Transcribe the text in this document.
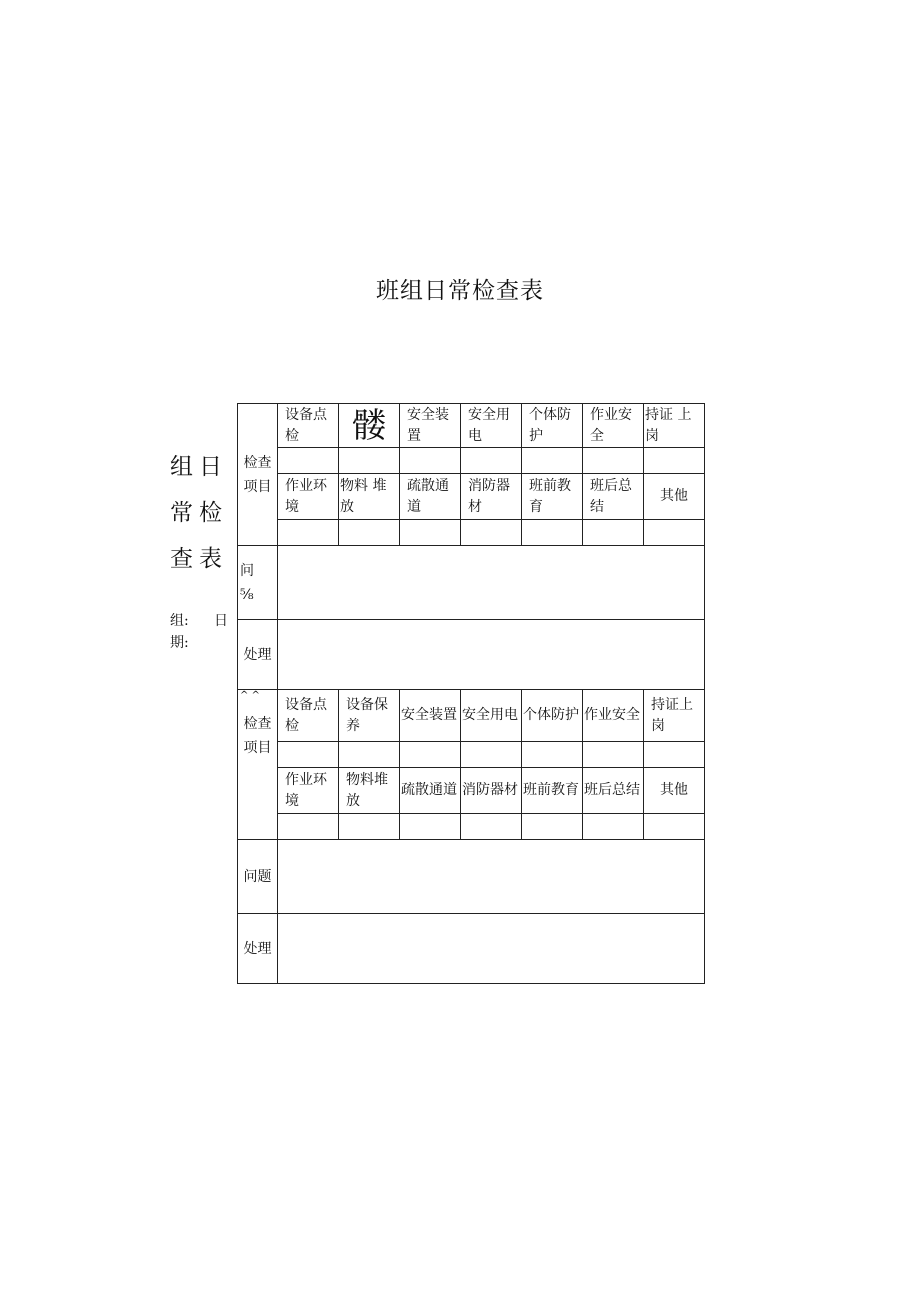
班组日常检查表
组日
常检
查表
组: 日
期:
检查项目	设备点检	髅	安全装置	安全用电	个体防护	作业安全	持证 上岗

	作业环境	物料 堆放	疏散通道	消防器材	班前教育	班后总结	其他

问
⅝							

处理							
^ ^
检查项目	设备点检	设备保养	安全装置	安全用电	个体防护	作业安全	持证上岗

	作业环境	物料堆放	疏散通道	消防器材	班前教育	班后总结	其他

问题							
处理							
